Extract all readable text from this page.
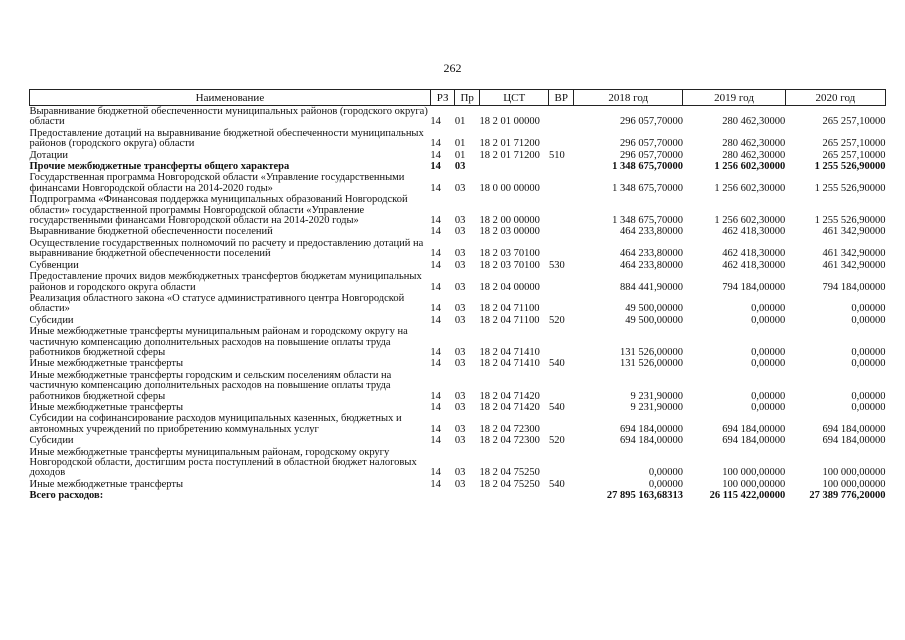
262
Наименование	РЗ	Пр	ЦСТ	ВР	2018 год	2019 год	2020 год
Выравнивание бюджетной обеспеченности муниципальных районов (городского округа) области	14	01	18 2 01 00000		296 057,70000	280 462,30000	265 257,10000
Предоставление дотаций на выравнивание бюджетной обеспеченности муниципальных районов (городского округа) области	14	01	18 2 01 71200		296 057,70000	280 462,30000	265 257,10000
Дотации	14	01	18 2 01 71200	510	296 057,70000	280 462,30000	265 257,10000
Прочие межбюджетные трансферты общего характера	14	03			1 348 675,70000	1 256 602,30000	1 255 526,90000
Государственная программа Новгородской области «Управление государственными финансами Новгородской области на 2014-2020 годы»	14	03	18 0 00 00000		1 348 675,70000	1 256 602,30000	1 255 526,90000
Подпрограмма «Финансовая поддержка муниципальных образований Новгородской области» государственной программы Новгородской области «Управление государственными финансами Новгородской области на 2014-2020 годы»	14	03	18 2 00 00000		1 348 675,70000	1 256 602,30000	1 255 526,90000
Выравнивание бюджетной обеспеченности поселений	14	03	18 2 03 00000		464 233,80000	462 418,30000	461 342,90000
Осуществление государственных полномочий по расчету и предоставлению дотаций на выравнивание бюджетной обеспеченности поселений	14	03	18 2 03 70100		464 233,80000	462 418,30000	461 342,90000
Субвенции	14	03	18 2 03 70100	530	464 233,80000	462 418,30000	461 342,90000
Предоставление прочих видов межбюджетных трансфертов бюджетам муниципальных районов и городского округа области	14	03	18 2 04 00000		884 441,90000	794 184,00000	794 184,00000
Реализация областного закона «О статусе административного центра Новгородской области»	14	03	18 2 04 71100		49 500,00000	0,00000	0,00000
Субсидии	14	03	18 2 04 71100	520	49 500,00000	0,00000	0,00000
Иные межбюджетные трансферты муниципальным районам и городскому округу на частичную компенсацию дополнительных расходов на повышение оплаты труда работников бюджетной сферы	14	03	18 2 04 71410		131 526,00000	0,00000	0,00000
Иные межбюджетные трансферты	14	03	18 2 04 71410	540	131 526,00000	0,00000	0,00000
Иные межбюджетные трансферты городским и сельским поселениям области на частичную компенсацию дополнительных расходов на повышение оплаты труда работников бюджетной сферы	14	03	18 2 04 71420		9 231,90000	0,00000	0,00000
Иные межбюджетные трансферты	14	03	18 2 04 71420	540	9 231,90000	0,00000	0,00000
Субсидии на софинансирование расходов муниципальных казенных, бюджетных и автономных учреждений по приобретению коммунальных услуг	14	03	18 2 04 72300		694 184,00000	694 184,00000	694 184,00000
Субсидии	14	03	18 2 04 72300	520	694 184,00000	694 184,00000	694 184,00000
Иные межбюджетные трансферты муниципальным районам, городскому округу Новгородской области, достигшим роста поступлений в областной бюджет налоговых доходов	14	03	18 2 04 75250		0,00000	100 000,00000	100 000,00000
Иные межбюджетные трансферты	14	03	18 2 04 75250	540	0,00000	100 000,00000	100 000,00000
Всего расходов:					27 895 163,68313	26 115 422,00000	27 389 776,20000
